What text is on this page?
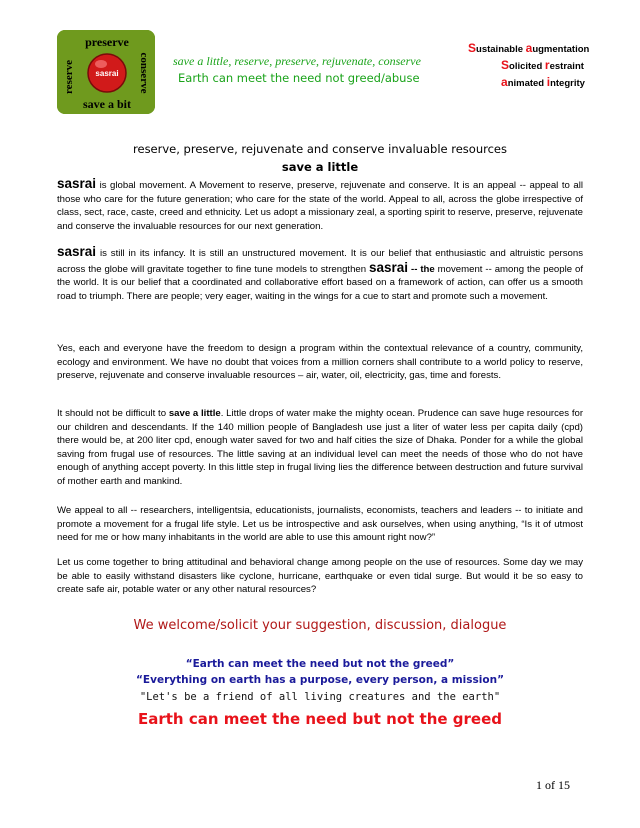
preserve
reserve	conserve
save a bit
sasrai
save a little, reserve, preserve, rejuvenate, conserve
Earth can meet the need not greed/abuse
Sustainable augmentation
Solicited restraint
animated integrity
reserve, preserve, rejuvenate and conserve invaluable resources
save a little
sasrai is global movement. A Movement to reserve, preserve, rejuvenate and conserve. It is an appeal -- appeal to all those who care for the future generation; who care for the state of the world. Appeal to all, across the globe irrespective of class, sect, race, caste, creed and ethnicity. Let us adopt a missionary zeal, a sporting spirit to reserve, preserve, rejuvenate and conserve the invaluable resources for our next generation.
sasrai is still in its infancy. It is still an unstructured movement. It is our belief that enthusiastic and altruistic persons across the globe will gravitate together to fine tune models to strengthen sasrai -- the movement -- among the people of the world. It is our belief that a coordinated and collaborative effort based on a framework of action, can offer us a smooth road to triumph. There are people; very eager, waiting in the wings for a cue to start and promote such a movement.
Yes, each and everyone have the freedom to design a program within the contextual relevance of a country, community, ecology and environment. We have no doubt that voices from a million corners shall contribute to a world policy to reserve, preserve, rejuvenate and conserve invaluable resources – air, water, oil, electricity, gas, time and forests.
It should not be difficult to save a little. Little drops of water make the mighty ocean. Prudence can save huge resources for our children and descendants. If the 140 million people of Bangladesh use just a liter of water less per capita daily (cpd) there would be, at 200 liter cpd, enough water saved for two and half cities the size of Dhaka. Ponder for a while the global saving from frugal use of resources. The little saving at an individual level can meet the needs of those who do not have enough of anything accept poverty. In this little step in frugal living lies the difference between destruction and future survival of mother earth and mankind.
We appeal to all -- researchers, intelligentsia, educationists, journalists, economists, teachers and leaders -- to initiate and promote a movement for a frugal life style. Let us be introspective and ask ourselves, when using anything, “Is it of utmost need for me or how many inhabitants in the world are able to use this amount right now?”
Let us come together to bring attitudinal and behavioral change among people on the use of resources. Some day we may be able to easily withstand disasters like cyclone, hurricane, earthquake or even tidal surge. But would it be so easy to create safe air, potable water or any other natural resources?
We welcome/solicit your suggestion, discussion, dialogue
“Earth can meet the need but not the greed”
“Everything on earth has a purpose, every person, a mission”
"Let's be a friend of all living creatures and the earth"
Earth can meet the need but not the greed
1 of 15
